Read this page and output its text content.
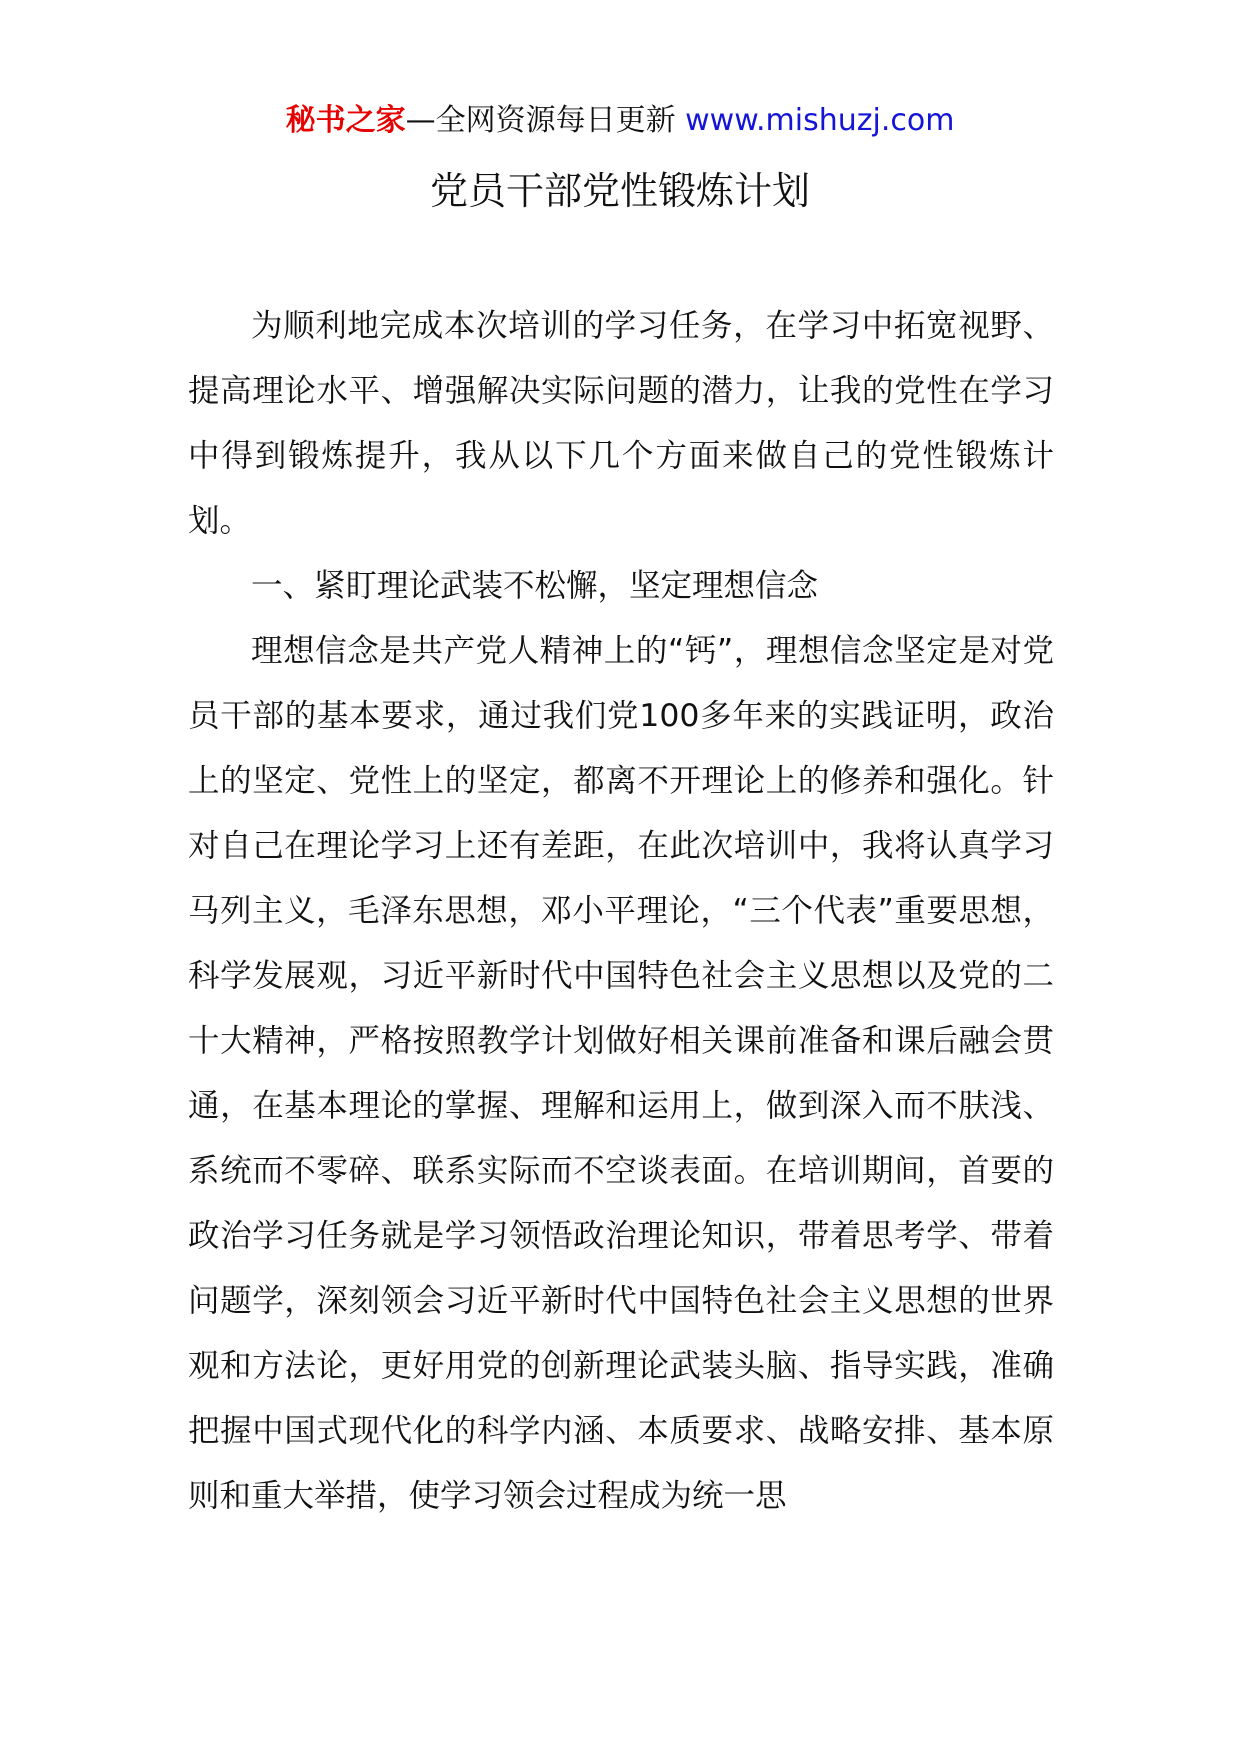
秘书之家—全网资源每日更新 www.mishuzj.com
党员干部党性锻炼计划

为顺利地完成本次培训的学习任务，在学习中拓宽视野、提高理论水平、增强解决实际问题的潜力，让我的党性在学习中得到锻炼提升，我从以下几个方面来做自己的党性锻炼计划。

一、紧盯理论武装不松懈，坚定理想信念

理想信念是共产党人精神上的“钙”，理想信念坚定是对党员干部的基本要求，通过我们党100多年来的实践证明，政治上的坚定、党性上的坚定，都离不开理论上的修养和强化。针对自己在理论学习上还有差距，在此次培训中，我将认真学习马列主义，毛泽东思想，邓小平理论，“三个代表”重要思想，科学发展观，习近平新时代中国特色社会主义思想以及党的二十大精神，严格按照教学计划做好相关课前准备和课后融会贯通，在基本理论的掌握、理解和运用上，做到深入而不肤浅、系统而不零碎、联系实际而不空谈表面。在培训期间，首要的政治学习任务就是学习领悟政治理论知识，带着思考学、带着问题学，深刻领会习近平新时代中国特色社会主义思想的世界观和方法论，更好用党的创新理论武装头脑、指导实践，准确把握中国式现代化的科学内涵、本质要求、战略安排、基本原则和重大举措，使学习领会过程成为统一思
